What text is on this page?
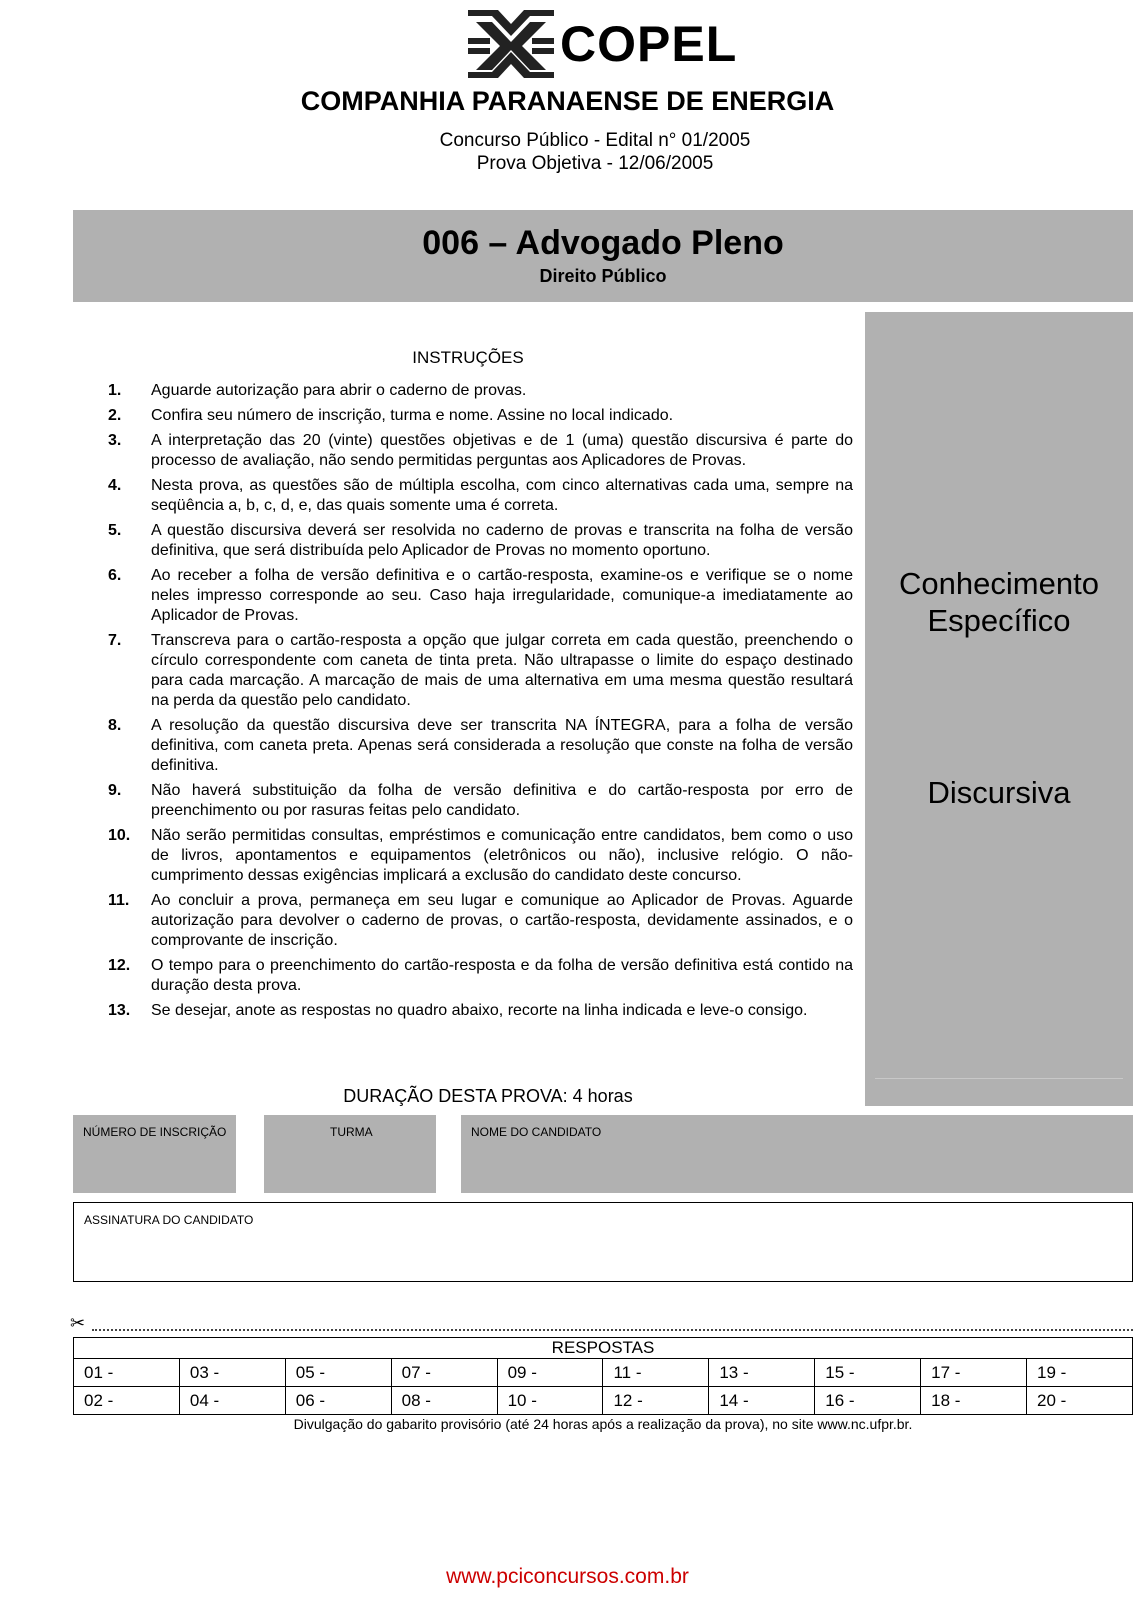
COPEL
COMPANHIA PARANAENSE DE ENERGIA
Concurso Público - Edital n° 01/2005
Prova Objetiva - 12/06/2005
006 – Advogado Pleno
Direito Público
Conhecimento
Específico
Discursiva
INSTRUÇÕES
1.	Aguarde autorização para abrir o caderno de provas.
2.	Confira seu número de inscrição, turma e nome. Assine no local indicado.
3.	A interpretação das 20 (vinte) questões objetivas e de 1 (uma) questão discursiva é parte do processo de avaliação, não sendo permitidas perguntas aos Aplicadores de Provas.
4.	Nesta prova, as questões são de múltipla escolha, com cinco alternativas cada uma, sempre na seqüência a, b, c, d, e, das quais somente uma é correta.
5.	A questão discursiva deverá ser resolvida no caderno de provas e transcrita na folha de versão definitiva, que será distribuída pelo Aplicador de Provas no momento oportuno.
6.	Ao receber a folha de versão definitiva e o cartão-resposta, examine-os e verifique se o nome neles impresso corresponde ao seu. Caso haja irregularidade, comunique-a imediatamente ao Aplicador de Provas.
7.	Transcreva para o cartão-resposta a opção que julgar correta em cada questão, preenchendo o círculo correspondente com caneta de tinta preta. Não ultrapasse o limite do espaço destinado para cada marcação. A marcação de mais de uma alternativa em uma mesma questão resultará na perda da questão pelo candidato.
8.	A resolução da questão discursiva deve ser transcrita NA ÍNTEGRA, para a folha de versão definitiva, com caneta preta. Apenas será considerada a resolução que conste na folha de versão definitiva.
9.	Não haverá substituição da folha de versão definitiva e do cartão-resposta por erro de preenchimento ou por rasuras feitas pelo candidato.
10.	Não serão permitidas consultas, empréstimos e comunicação entre candidatos, bem como o uso de livros, apontamentos e equipamentos (eletrônicos ou não), inclusive relógio. O não-cumprimento dessas exigências implicará a exclusão do candidato deste concurso.
11.	Ao concluir a prova, permaneça em seu lugar e comunique ao Aplicador de Provas. Aguarde autorização para devolver o caderno de provas, o cartão-resposta, devidamente assinados, e o comprovante de inscrição.
12.	O tempo para o preenchimento do cartão-resposta e da folha de versão definitiva está contido na duração desta prova.
13.	Se desejar, anote as respostas no quadro abaixo, recorte na linha indicada e leve-o consigo.
DURAÇÃO DESTA PROVA: 4 horas
NÚMERO DE INSCRIÇÃO	TURMA	NOME DO CANDIDATO
ASSINATURA DO CANDIDATO
✂
RESPOSTAS									
01 -	03 -	05 -	07 -	09 -	11 -	13 -	15 -	17 -	19 -
02 -	04 -	06 -	08 -	10 -	12 -	14 -	16 -	18 -	20 -
Divulgação do gabarito provisório (até 24 horas após a realização da prova), no site www.nc.ufpr.br.
www.pciconcursos.com.br
